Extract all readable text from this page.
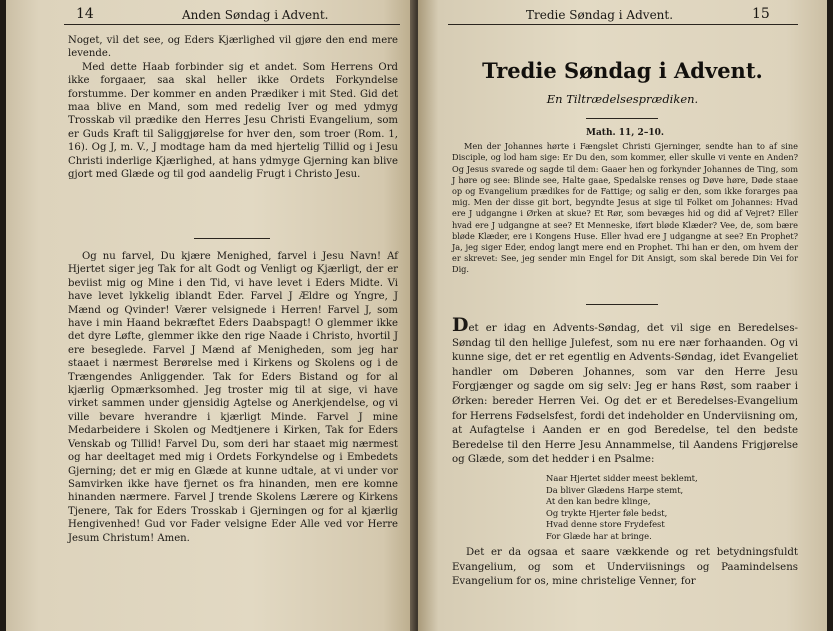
14	Anden Søndag i Advent.

Noget, vil det see, og Eders Kjærlighed vil gjøre den end mere levende.

Med dette Haab forbinder sig et andet. Som Herrens Ord ikke forgaaer, saa skal heller ikke Ordets Forkyndelse forstumme. Der kommer en anden Prædiker i mit Sted. Gid det maa blive en Mand, som med redelig Iver og med ydmyg Trosskab vil prædike den Herres Jesu Christi Evangelium, som er Guds Kraft til Saliggjørelse for hver den, som troer (Rom. 1, 16). Og J, m. V., J modtage ham da med hjertelig Tillid og i Jesu Christi inderlige Kjærlighed, at hans ydmyge Gjerning kan blive gjort med Glæde og til god aandelig Frugt i Christo Jesu.

Og nu farvel, Du kjære Menighed, farvel i Jesu Navn! Af Hjertet siger jeg Tak for alt Godt og Venligt og Kjærligt, der er beviist mig og Mine i den Tid, vi have levet i Eders Midte. Vi have levet lykkelig iblandt Eder. Farvel J Ældre og Yngre, J Mænd og Qvinder! Værer velsignede i Herren! Farvel J, som have i min Haand bekræftet Eders Daabspagt! O glemmer ikke det dyre Løfte, glemmer ikke den rige Naade i Christo, hvortil J ere beseglede. Farvel J Mænd af Menigheden, som jeg har staaet i nærmest Berørelse med i Kirkens og Skolens og i de Trængendes Anliggender. Tak for Eders Bistand og for al kjærlig Opmærksomhed. Jeg troster mig til at sige, vi have virket sammen under gjensidig Agtelse og Anerkjendelse, og vi ville bevare hverandre i kjærligt Minde. Farvel J mine Medarbeidere i Skolen og Medtjenere i Kirken, Tak for Eders Venskab og Tillid! Farvel Du, som deri har staaet mig nærmest og har deeltaget med mig i Ordets Forkyndelse og i Embedets Gjerning; det er mig en Glæde at kunne udtale, at vi under vor Samvirken ikke have fjernet os fra hinanden, men ere komne hinanden nærmere. Farvel J trende Skolens Lærere og Kirkens Tjenere, Tak for Eders Trosskab i Gjerningen og for al kjærlig Hengivenhed! Gud vor Fader velsigne Eder Alle ved vor Herre Jesum Christum! Amen.

Tredie Søndag i Advent.	15
Tredie Søndag i Advent.
En Tiltrædelsesprædiken.
Math. 11, 2–10.

Men der Johannes hørte i Fængslet Christi Gjerninger, sendte han to af sine Disciple, og lod ham sige: Er Du den, som kommer, eller skulle vi vente en Anden? Og Jesus svarede og sagde til dem: Gaaer hen og forkynder Johannes de Ting, som J høre og see: Blinde see, Halte gaae, Spedalske renses og Døve høre, Døde staae op og Evangelium prædikes for de Fattige; og salig er den, som ikke forarges paa mig. Men der disse git bort, begyndte Jesus at sige til Folket om Johannes: Hvad ere J udgangne i Ørken at skue? Et Rør, som bevæges hid og did af Vejret? Eller hvad ere J udgangne at see? Et Menneske, iført bløde Klæder? Vee, de, som bære bløde Klæder, ere i Kongens Huse. Eller hvad ere J udgangne at see? En Prophet? Ja, jeg siger Eder, endog langt mere end en Prophet. Thi han er den, om hvem der er skrevet: See, jeg sender min Engel for Dit Ansigt, som skal berede Din Vei for Dig.

Det er idag en Advents-Søndag, det vil sige en Beredelses-Søndag til den hellige Julefest, som nu ere nær forhaanden. Og vi kunne sige, det er ret egentlig en Advents-Søndag, idet Evangeliet handler om Døberen Johannes, som var den Herre Jesu Forgjænger og sagde om sig selv: Jeg er hans Røst, som raaber i Ørken: bereder Herren Vei. Og det er et Beredelses-Evangelium for Herrens Fødselsfest, fordi det indeholder en Underviisning om, at Aufagtelse i Aanden er en god Beredelse, tel den bedste Beredelse til den Herre Jesu Annammelse, til Aandens Frigjørelse og Glæde, som det hedder i en Psalme:

Naar Hjertet sidder meest beklemt,
Da bliver Glædens Harpe stemt,
At den kan bedre klinge,
Og trykte Hjerter føle bedst,
Hvad denne store Frydefest
For Glæde har at bringe.

Det er da ogsaa et saare vækkende og ret betydningsfuldt Evangelium, og som et Underviisnings og Paamindelsens Evangelium for os, mine christelige Venner, for
